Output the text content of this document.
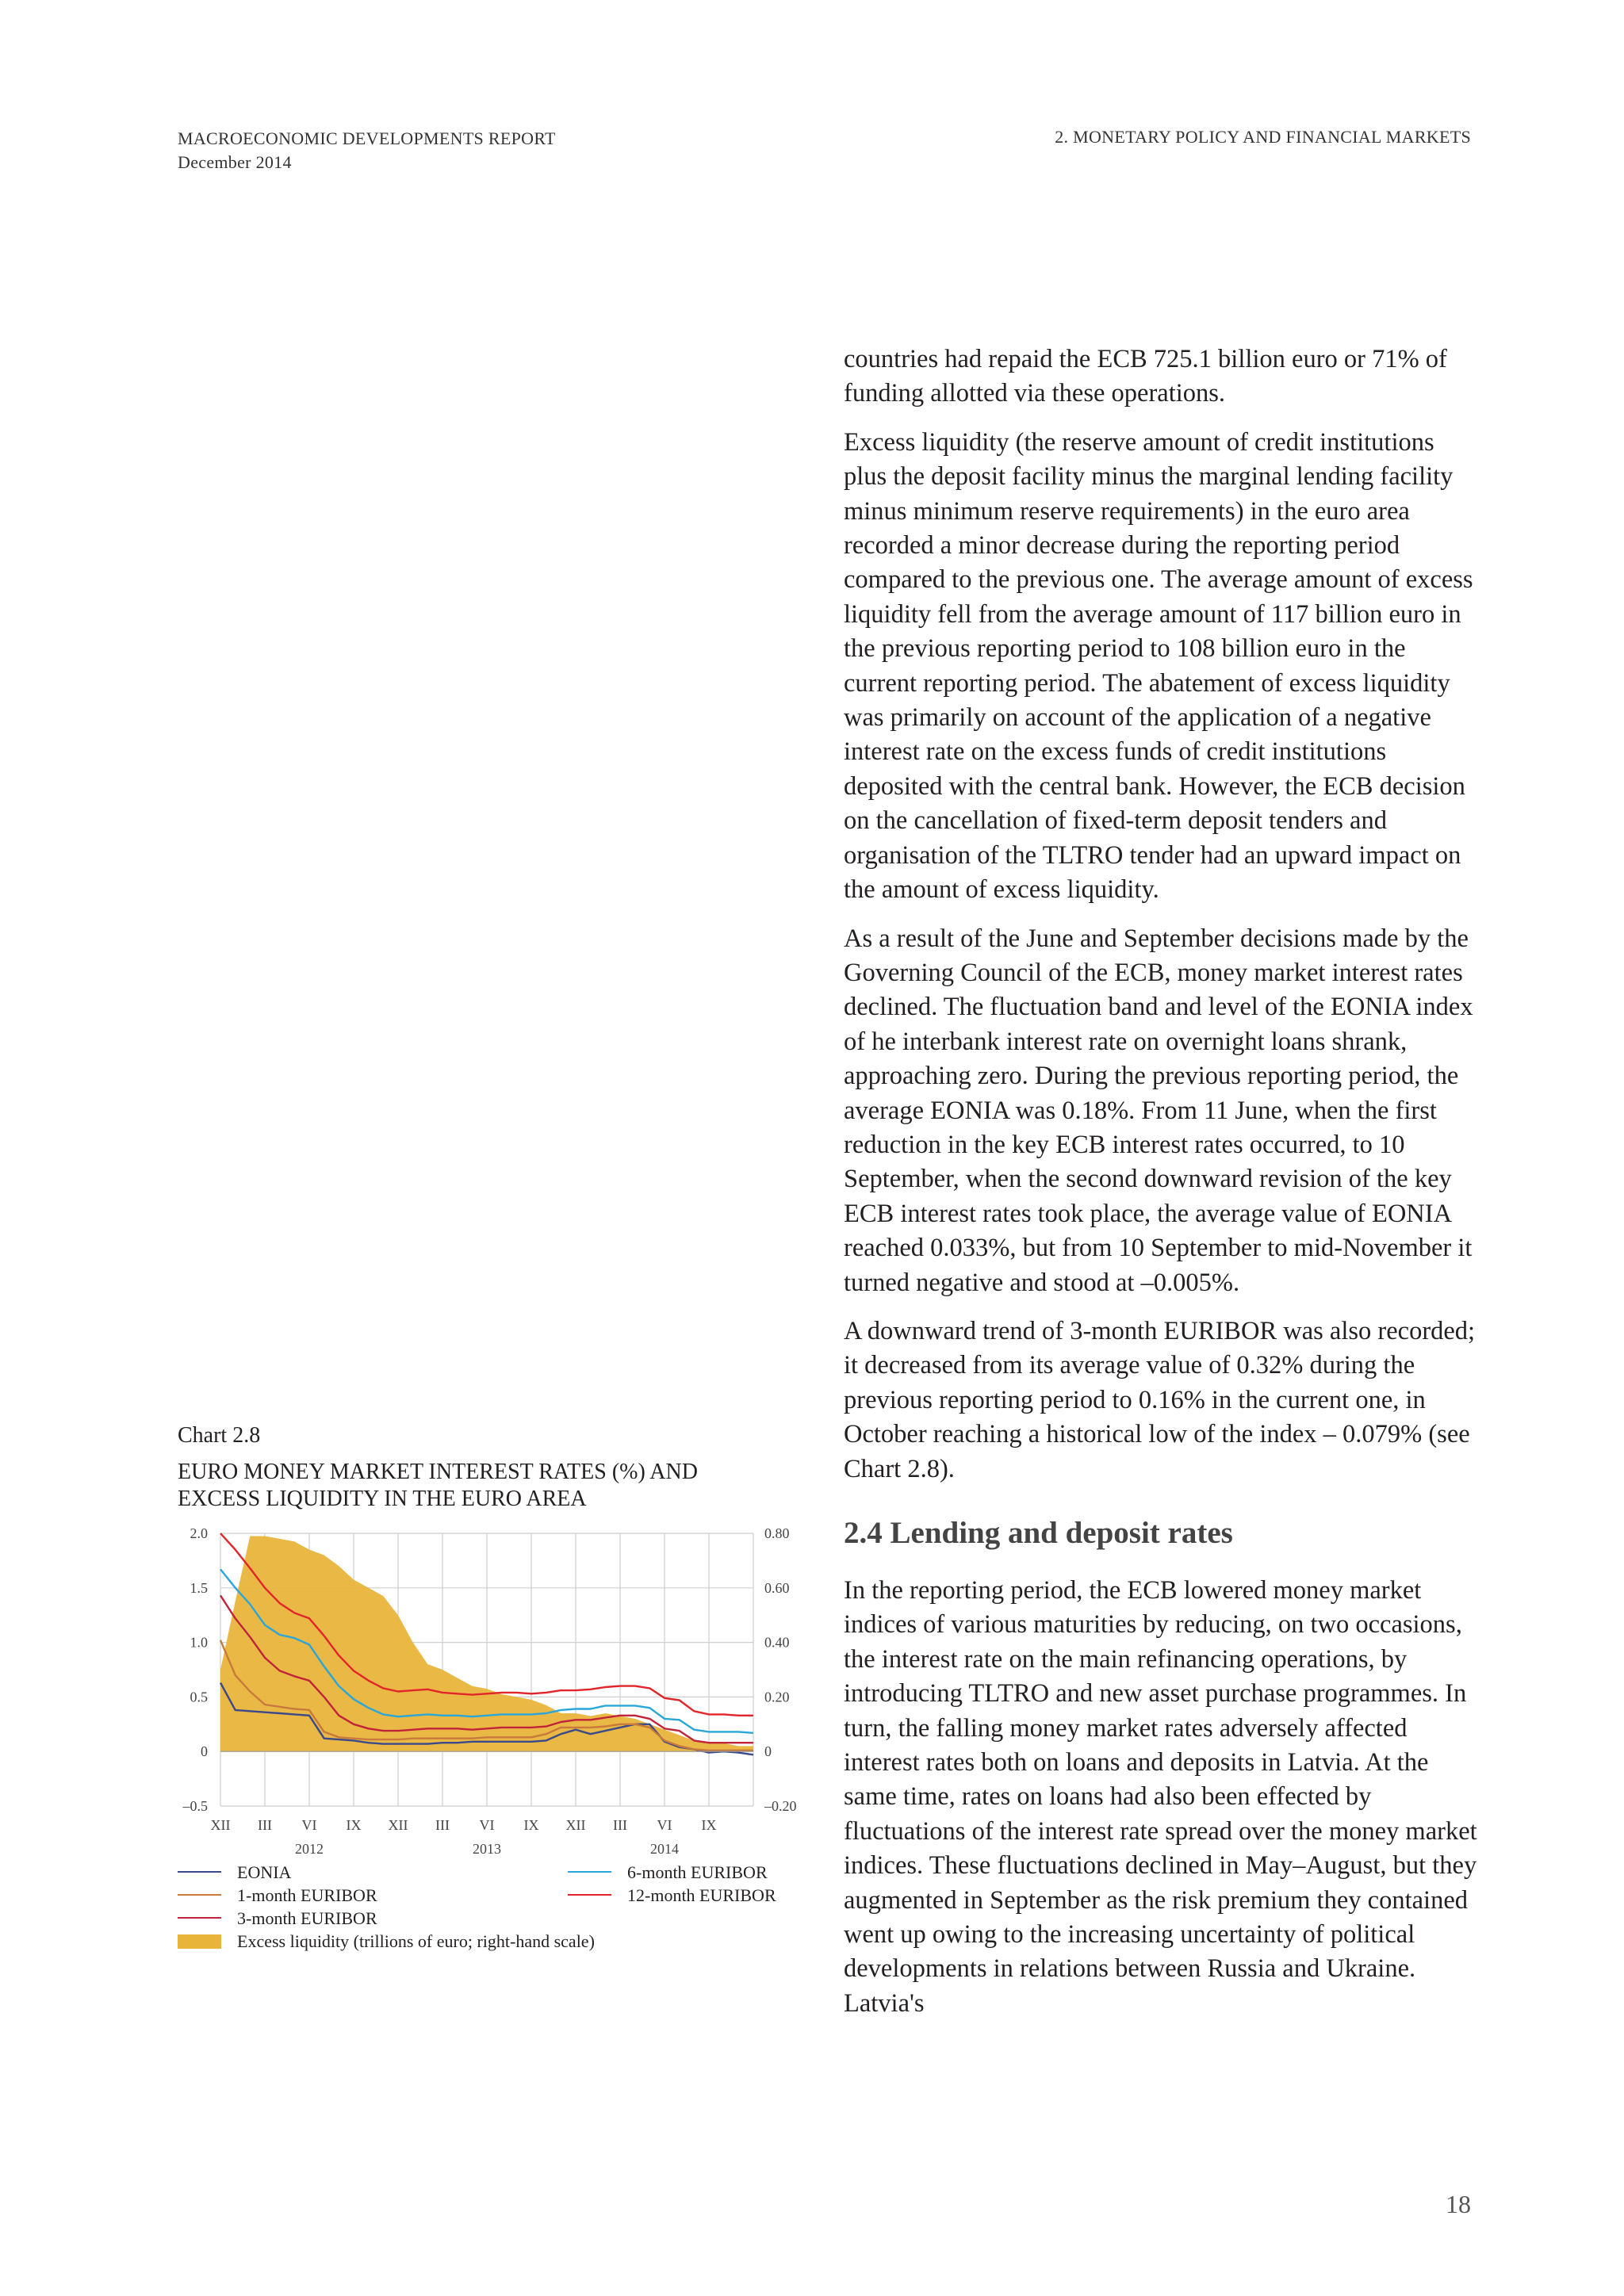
MACROECONOMIC DEVELOPMENTS REPORT
December 2014
2. MONETARY POLICY AND FINANCIAL MARKETS

countries had repaid the ECB 725.1 billion euro or 71% of funding allotted via these operations.

Excess liquidity (the reserve amount of credit institutions plus the deposit facility minus the marginal lending facility minus minimum reserve requirements) in the euro area recorded a minor decrease during the reporting period compared to the previous one. The average amount of excess liquidity fell from the average amount of 117 billion euro in the previous reporting period to 108 billion euro in the current reporting period. The abatement of excess liquidity was primarily on account of the application of a negative interest rate on the excess funds of credit institutions deposited with the central bank. However, the ECB decision on the cancellation of fixed-term deposit tenders and organisation of the TLTRO tender had an upward impact on the amount of excess liquidity.

As a result of the June and September decisions made by the Governing Council of the ECB, money market interest rates declined. The fluctuation band and level of the EONIA index of he interbank interest rate on overnight loans shrank, approaching zero. During the previous reporting period, the average EONIA was 0.18%. From 11 June, when the first reduction in the key ECB interest rates occurred, to 10 September, when the second downward revision of the key ECB interest rates took place, the average value of EONIA reached 0.033%, but from 10 September to mid-November it turned negative and stood at –0.005%.

A downward trend of 3-month EURIBOR was also recorded; it decreased from its average value of 0.32% during the previous reporting period to 0.16% in the current one, in October reaching a historical low of the index – 0.079% (see Chart 2.8).

2.4 Lending and deposit rates

In the reporting period, the ECB lowered money market indices of various maturities by reducing, on two occasions, the interest rate on the main refinancing operations, by introducing TLTRO and new asset purchase programmes. In turn, the falling money market rates adversely affected interest rates both on loans and deposits in Latvia. At the same time, rates on loans had also been effected by fluctuations of the interest rate spread over the money market indices. These fluctuations declined in May–August, but they augmented in September as the risk premium they contained went up owing to the increasing uncertainty of political developments in relations between Russia and Ukraine. Latvia's

Chart 2.8
EURO MONEY MARKET INTEREST RATES (%) AND EXCESS LIQUIDITY IN THE EURO AREA
2.0
1.5
1.0
0.5
0
–0.5
0.80
0.60
0.40
0.20
0
–0.20
XII III VI IX XII III VI IX XII III VI IX
2012	2013	2014
EONIA
1-month EURIBOR
3-month EURIBOR
Excess liquidity (trillions of euro; right-hand scale)
6-month EURIBOR
12-month EURIBOR
18
